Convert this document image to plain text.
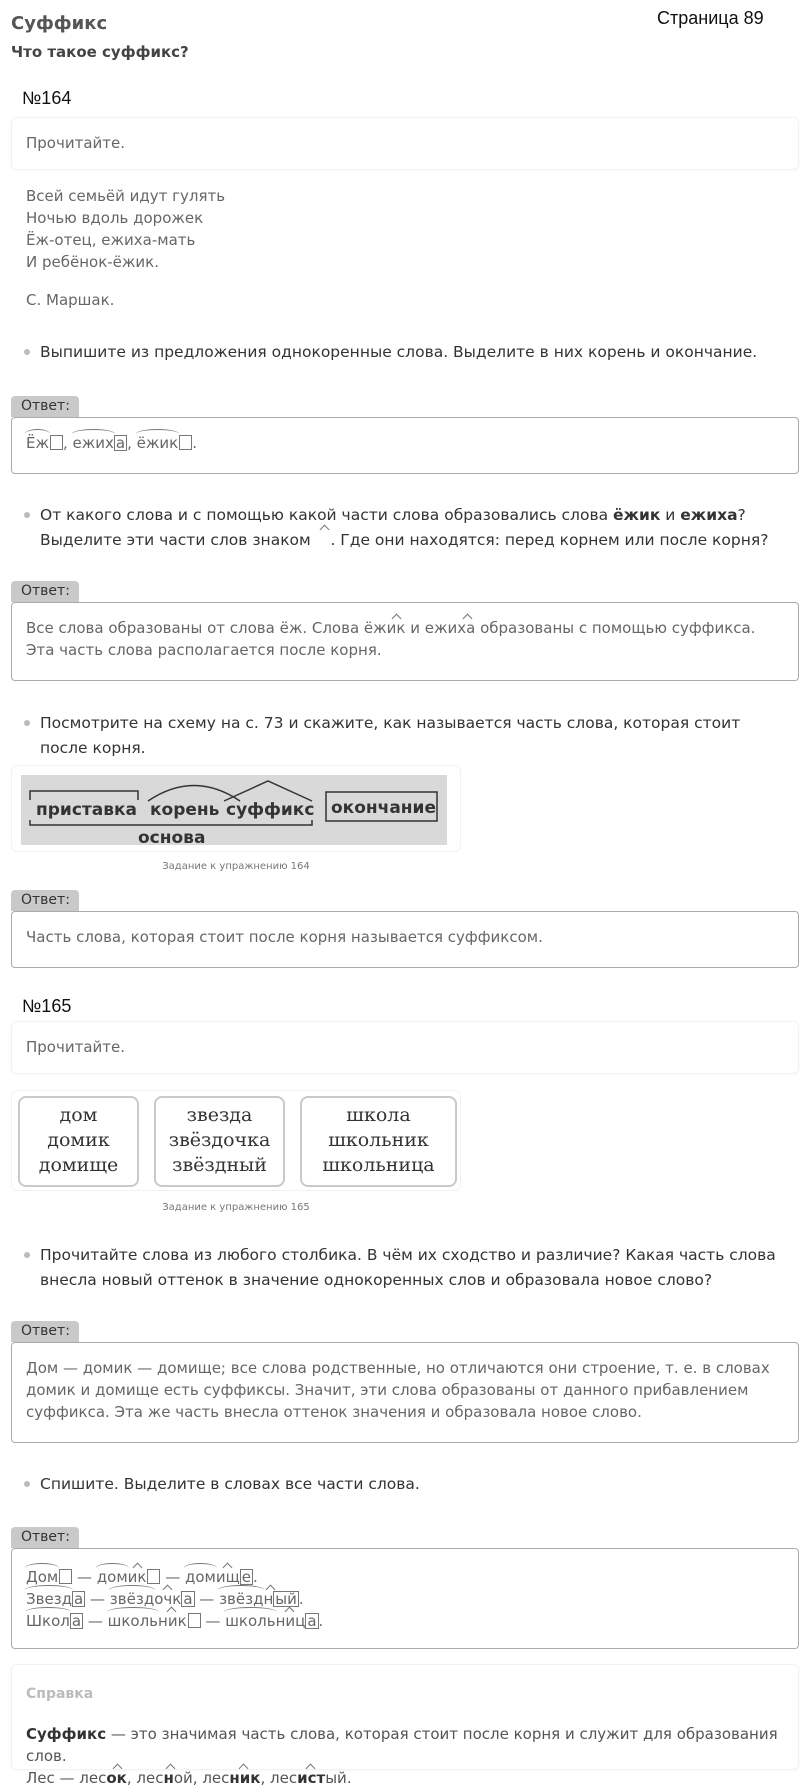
Суффикс
Что такое суффикс?
Страница 89
№164
Прочитайте.
Всей семьёй идут гулять
Ночью вдоль дорожек
Ёж-отец, ежиха-мать
И ребёнок-ёжик.
С. Маршак.
Выпишите из предложения однокоренные слова. Выделите в них корень и окончание.
Ответ:
Ёж , ежих а , ёжик .
От какого слова и с помощью какой части слова образовались слова ёжик и ежиха? Выделите эти части слов знаком    . Где они находятся: перед корнем или после корня?
Ответ:
Все слова образованы от слова ёж. Слова ёжик и ежиха образованы с помощью суффикса. Эта часть слова располагается после корня.
Посмотрите на схему на с. 73 и скажите, как называется часть слова, которая стоит после корня.
приставка корень суффикс окончание
основа
Задание к упражнению 164
Ответ:
Часть слова, которая стоит после корня называется суффиксом.
№165
Прочитайте.
дом
домик
домище
звезда
звёздочка
звёздный
школа
школьник
школьница
Задание к упражнению 165
Прочитайте слова из любого столбика. В чём их сходство и различие? Какая часть слова внесла новый оттенок в значение однокоренных слов и образовала новое слово?
Ответ:
Дом — домик — домище; все слова родственные, но отличаются они строение, т. е. в словах домик и домище есть суффиксы. Значит, эти слова образованы от данного прибавлением суффикса. Эта же часть внесла оттенок значения и образовала новое слово.
Спишите. Выделите в словах все части слова.
Ответ:
Дом — домик — домищ е .
Звезд а — звёздочк а — звёздн ый .
Школ а — школьник — школьниц а .
Справка
Суффикс — это значимая часть слова, которая стоит после корня и служит для образования слов.
Лес — лесок, лесной, лесник, лесистый.
